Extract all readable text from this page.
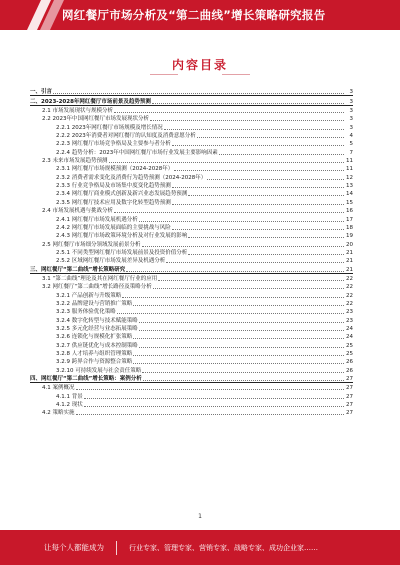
网红餐厅市场分析及“第二曲线”增长策略研究报告
内容目录
一、引言	3
二、2023-2028年网红餐厅市场前景及趋势预测	3
2.1 市场发展现状与规模分析	3
2.2 2023年中国网红餐厅市场发展现状分析	3
2.2.1 2023年网红餐厅市场规模及增长情况	3
2.2.2 2023年消费者对网红餐厅的认知度及消费意愿分析	4
2.2.3 网红餐厅市场竞争格局及主要参与者分析	5
2.2.4 趋势分析：2023年中国网红餐厅市场行业发展主要影响因素	7
2.3 未来市场发展趋势预测	11
2.3.1 网红餐厅市场规模预测（2024-2028年）	11
2.3.2 消费者需求变化及消费行为趋势预测（2024-2028年）	12
2.3.3 行业竞争格局及市场集中度变化趋势预测	13
2.3.4 网红餐厅商业模式创新及新兴业态发展趋势预测	14
2.3.5 网红餐厅技术应用及数字化转型趋势预测	15
2.4 市场发展机遇与挑战分析	16
2.4.1 网红餐厅市场发展机遇分析	17
2.4.2 网红餐厅市场发展面临的主要挑战与风险	18
2.4.3 网红餐厅市场政策环境分析及对行业发展的影响	19
2.5 网红餐厅市场细分领域发展前景分析	20
2.5.1 不同类型网红餐厅市场发展前景及投资价值分析	21
2.5.2 区域网红餐厅市场发展差异及机遇分析	21
三、网红餐厅“第二曲线”增长策略研究	21
3.1 “第二曲线”理论及其在网红餐厅行业的应用	22
3.2 网红餐厅“第二曲线”增长路径及策略分析	22
3.2.1 产品创新与升级策略	22
3.2.2 品牌建设与营销推广策略	22
3.2.3 服务体验优化策略	23
3.2.4 数字化转型与技术赋能策略	23
3.2.5 多元化经营与业态拓展策略	24
3.2.6 连锁化与规模化扩张策略	24
3.2.7 供应链优化与成本控制策略	25
3.2.8 人才培养与组织管理策略	25
3.2.9 跨界合作与资源整合策略	26
3.2.10 可持续发展与社会责任策略	26
四、网红餐厅“第二曲线”增长策略：案例分析	27
4.1 案例概况	27
4.1.1 背景	27
4.1.2 现状	27
4.2 策略实施	27
1
让每个人都能成为	行业专家、管理专家、营销专家、战略专家、成功企业家……
